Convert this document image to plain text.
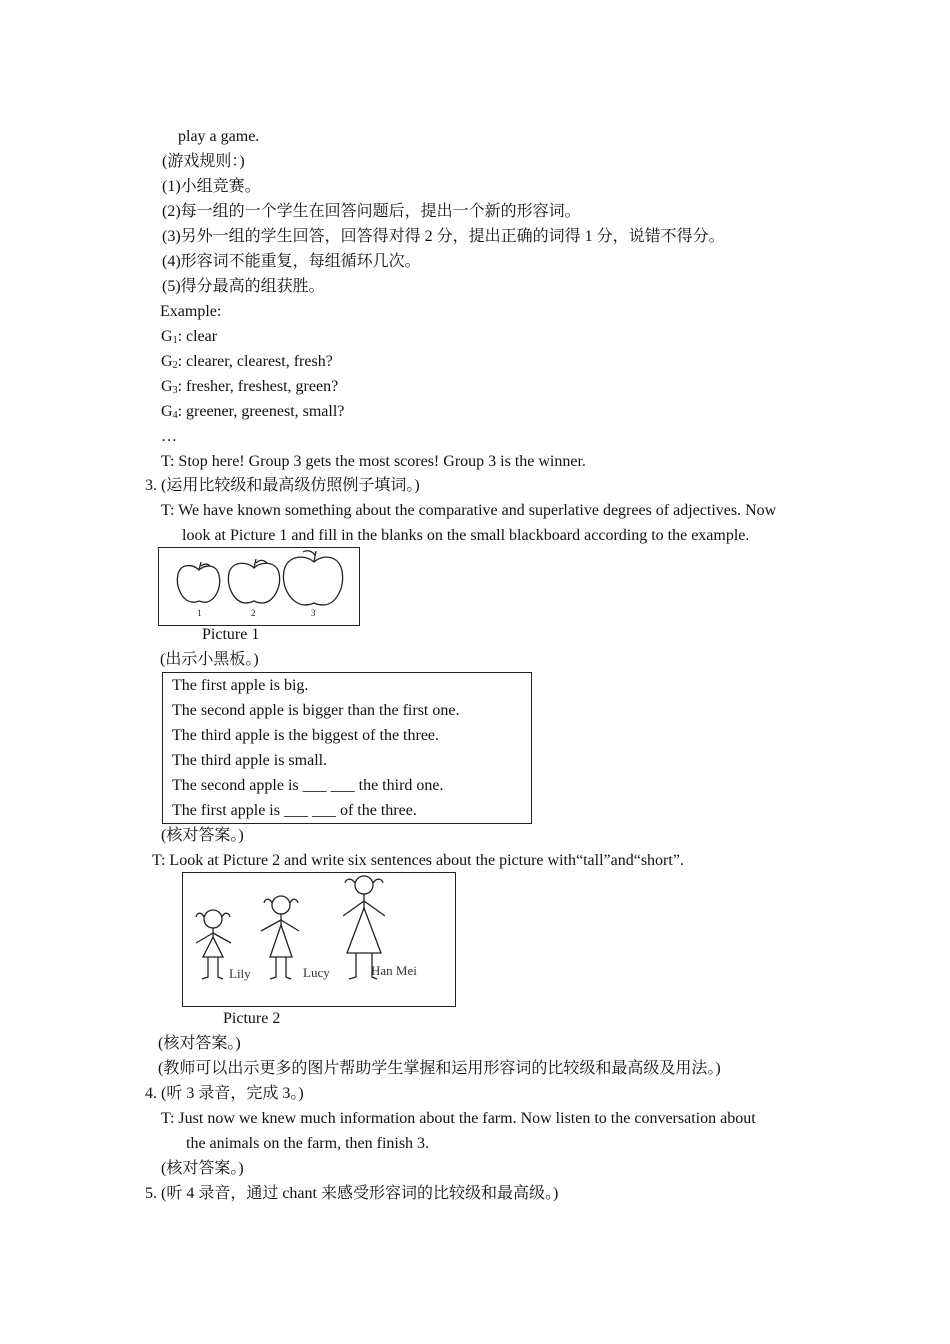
play a game.
(游戏规则：)
(1)小组竞赛。
(2)每一组的一个学生在回答问题后，提出一个新的形容词。
(3)另外一组的学生回答，回答得对得 2 分，提出正确的词得 1 分，说错不得分。
(4)形容词不能重复，每组循环几次。
(5)得分最高的组获胜。
Example:
$G_1$: clear
$G_2$: clearer, clearest, fresh?
$G_3$: fresher, freshest, green?
$G_4$: greener, greenest, small?
…
T: Stop here! Group 3 gets the most scores! Group 3 is the winner.
3. (运用比较级和最高级仿照例子填词。)
T: We have known something about the comparative and superlative degrees of adjectives. Now
look at Picture 1 and fill in the blanks on the small blackboard according to the example.
1	2	3
Picture 1
(出示小黑板。)
The first apple is big.
The second apple is bigger than the first one.
The third apple is the biggest of the three.
The third apple is small.
The second apple is ___ ___ the third one.
The first apple is ___ ___ of the three.
(核对答案。)
T: Look at Picture 2 and write six sentences about the picture with“tall”and“short”.
Lily	Lucy	Han Mei
Picture 2
(核对答案。)
(教师可以出示更多的图片帮助学生掌握和运用形容词的比较级和最高级及用法。)
4. (听 3 录音，完成 3。)
T: Just now we knew much information about the farm. Now listen to the conversation about
the animals on the farm, then finish 3.
(核对答案。)
5. (听 4 录音，通过 chant 来感受形容词的比较级和最高级。)
